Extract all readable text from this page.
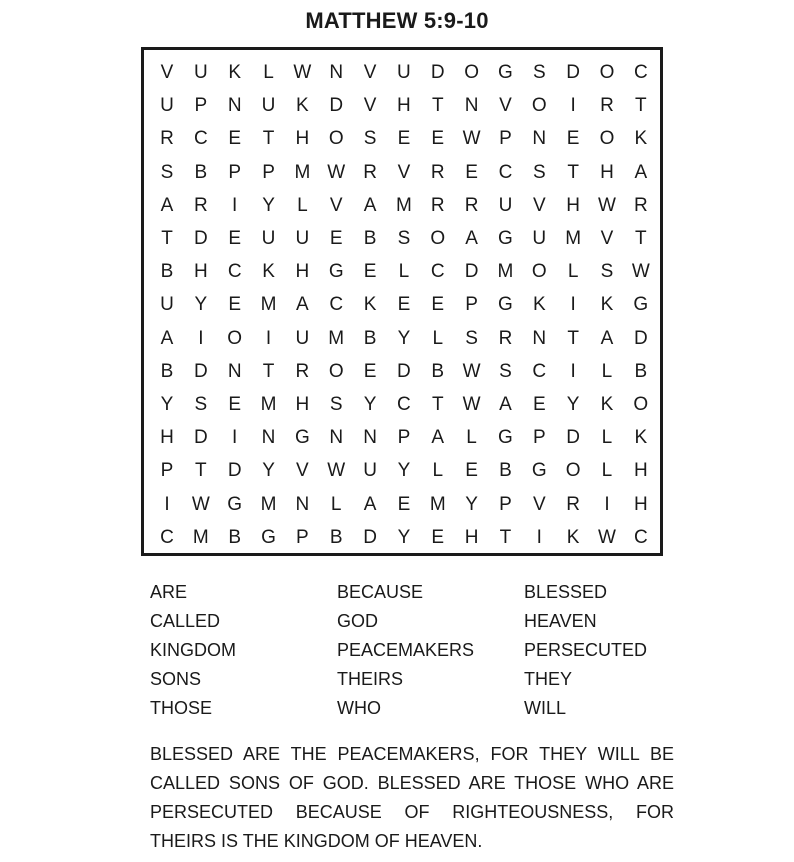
MATTHEW 5:9-10
V U K	L	W N V U D O G S D O C
U P N U K D V H T N V O	I	R T
R C E T H O S E E W P N E O K
S B P P M W R V R E C S T H A
A R	I	Y	L	V A M R R U V H W R
T D E U U E B S O A G U M V T
B H C K H G E	L	C D M O	L	S W
U Y E M A C K E E P G K	I	K G
A	I	O	I	U M B Y	L	S R N T A D
B D N T R O E D B W S C	I	L	B
Y S E M H S Y C T W A E Y K O
H D	I	N G N N P A	L	G P D	L	K
P T D Y V W U Y	L	E B G O	L	H
I	W G M N	L	A E M Y P V R	I	H
C M B G P B D Y E H T	I	K W C
ARE	BECAUSE	BLESSED
CALLED	GOD	HEAVEN
KINGDOM	PEACEMAKERS	PERSECUTED
SONS	THEIRS	THEY
THOSE	WHO	WILL
BLESSED ARE THE PEACEMAKERS, FOR THEY WILL BE
CALLED SONS OF GOD. BLESSED ARE THOSE WHO ARE
PERSECUTED BECAUSE OF RIGHTEOUSNESS, FOR
THEIRS IS THE KINGDOM OF HEAVEN.
